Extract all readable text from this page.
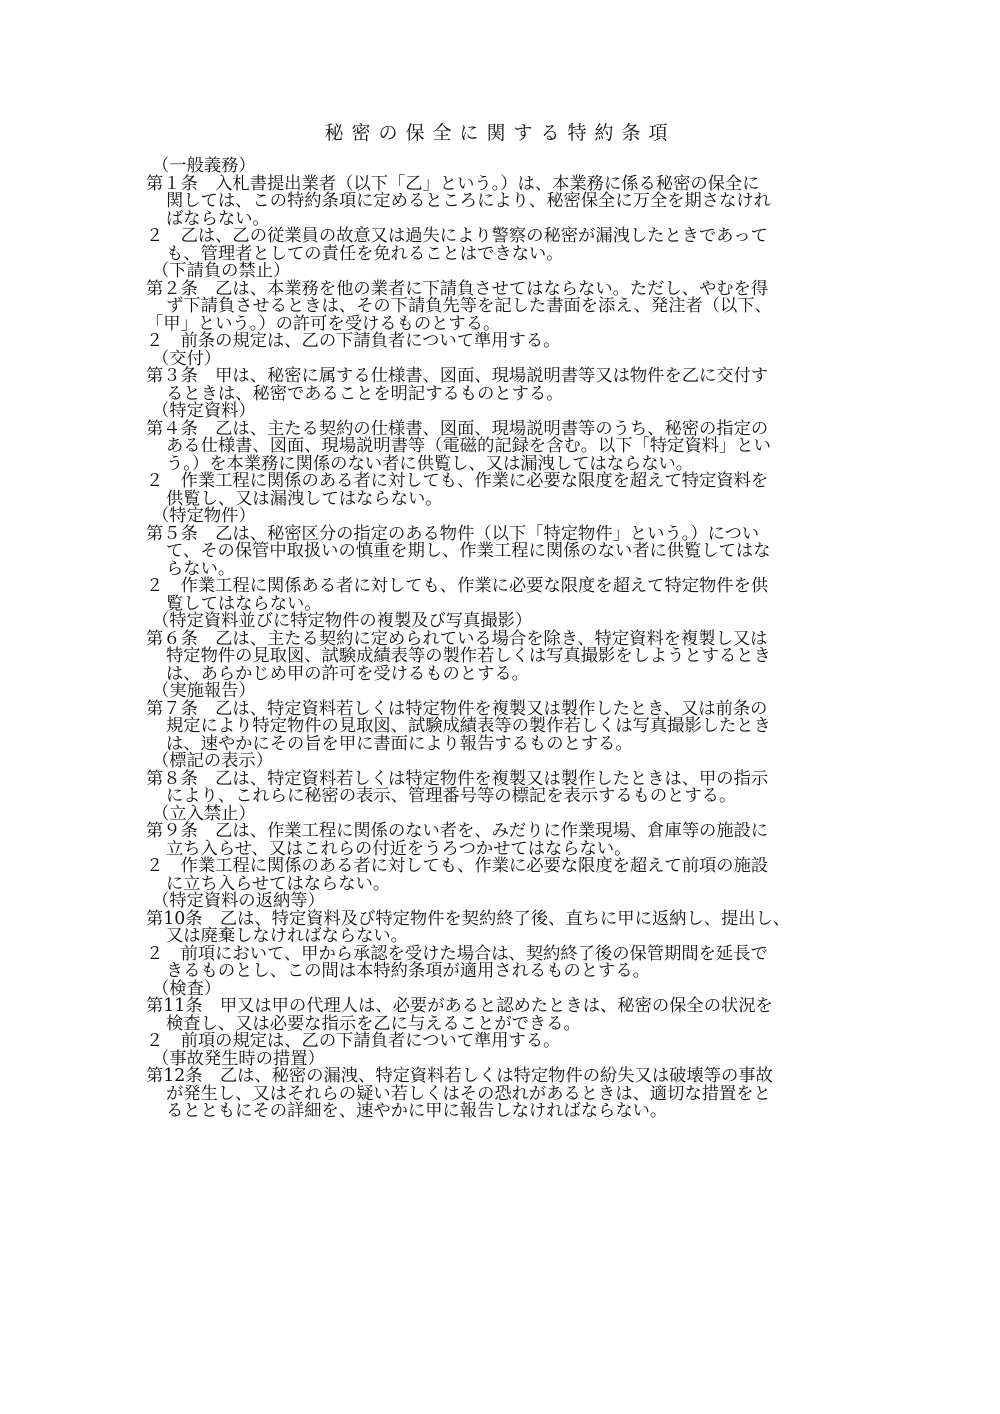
秘密の保全に関する特約条項
（一般義務）
第１条　入札書提出業者（以下「乙」という。）は、本業務に係る秘密の保全に
関しては、この特約条項に定めるところにより、秘密保全に万全を期さなけれ
ばならない。
２　乙は、乙の従業員の故意又は過失により警察の秘密が漏洩したときであって
も、管理者としての責任を免れることはできない。
（下請負の禁止）
第２条　乙は、本業務を他の業者に下請負させてはならない。ただし、やむを得
ず下請負させるときは、その下請負先等を記した書面を添え、発注者（以下、
「甲」という。）の許可を受けるものとする。
２　前条の規定は、乙の下請負者について準用する。
（交付）
第３条　甲は、秘密に属する仕様書、図面、現場説明書等又は物件を乙に交付す
るときは、秘密であることを明記するものとする。
（特定資料）
第４条　乙は、主たる契約の仕様書、図面、現場説明書等のうち、秘密の指定の
ある仕様書、図面、現場説明書等（電磁的記録を含む。以下「特定資料」とい
う。）を本業務に関係のない者に供覧し、又は漏洩してはならない。
２　作業工程に関係のある者に対しても、作業に必要な限度を超えて特定資料を
供覧し、又は漏洩してはならない。
（特定物件）
第５条　乙は、秘密区分の指定のある物件（以下「特定物件」という。）につい
て、その保管中取扱いの慎重を期し、作業工程に関係のない者に供覧してはな
らない。
２　作業工程に関係ある者に対しても、作業に必要な限度を超えて特定物件を供
覧してはならない。
（特定資料並びに特定物件の複製及び写真撮影）
第６条　乙は、主たる契約に定められている場合を除き、特定資料を複製し又は
特定物件の見取図、試験成績表等の製作若しくは写真撮影をしようとするとき
は、あらかじめ甲の許可を受けるものとする。
（実施報告）
第７条　乙は、特定資料若しくは特定物件を複製又は製作したとき、又は前条の
規定により特定物件の見取図、試験成績表等の製作若しくは写真撮影したとき
は、速やかにその旨を甲に書面により報告するものとする。
（標記の表示）
第８条　乙は、特定資料若しくは特定物件を複製又は製作したときは、甲の指示
により、これらに秘密の表示、管理番号等の標記を表示するものとする。
（立入禁止）
第９条　乙は、作業工程に関係のない者を、みだりに作業現場、倉庫等の施設に
立ち入らせ、又はこれらの付近をうろつかせてはならない。
２　作業工程に関係のある者に対しても、作業に必要な限度を超えて前項の施設
に立ち入らせてはならない。
（特定資料の返納等）
第10条　乙は、特定資料及び特定物件を契約終了後、直ちに甲に返納し、提出し、
又は廃棄しなければならない。
２　前項において、甲から承認を受けた場合は、契約終了後の保管期間を延長で
きるものとし、この間は本特約条項が適用されるものとする。
（検査）
第11条　甲又は甲の代理人は、必要があると認めたときは、秘密の保全の状況を
検査し、又は必要な指示を乙に与えることができる。
２　前項の規定は、乙の下請負者について準用する。
（事故発生時の措置）
第12条　乙は、秘密の漏洩、特定資料若しくは特定物件の紛失又は破壊等の事故
が発生し、又はそれらの疑い若しくはその恐れがあるときは、適切な措置をと
るとともにその詳細を、速やかに甲に報告しなければならない。
